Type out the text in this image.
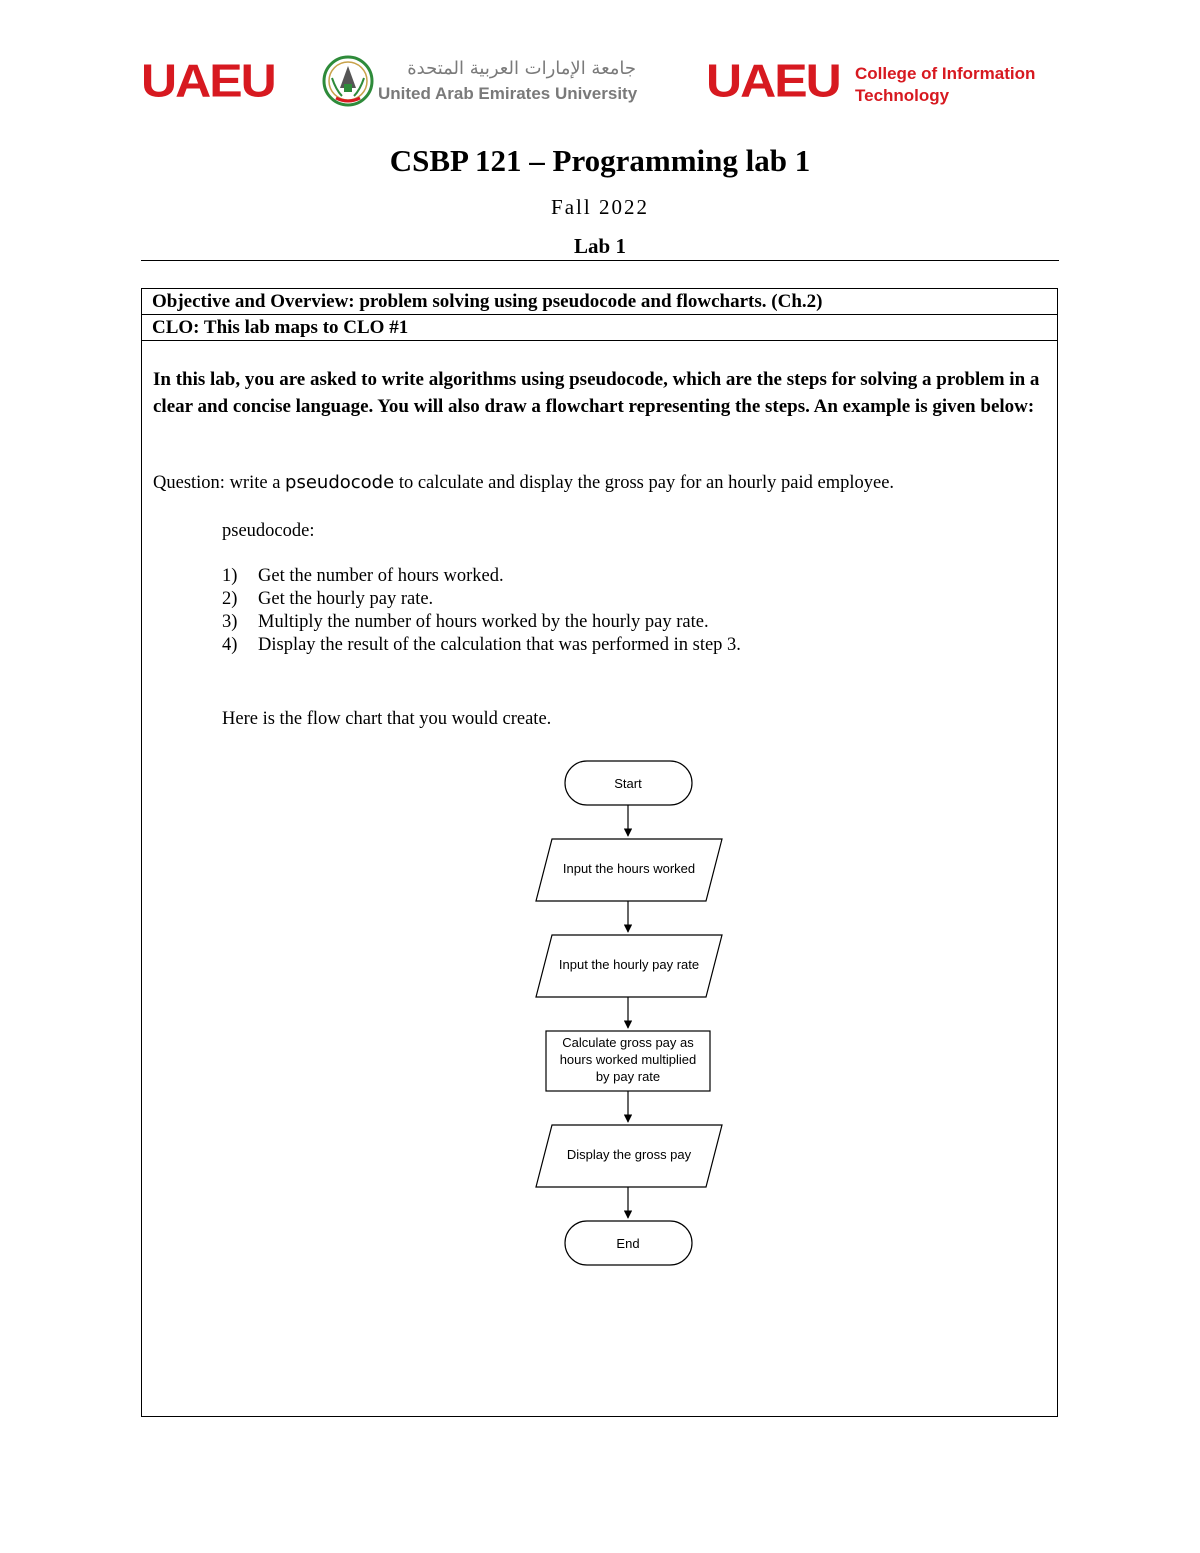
UAEU	جامعة الإمارات العربية المتحدة
United Arab Emirates University UAEU College of Information
Technology
CSBP 121 – Programming lab 1
Fall 2022
Lab 1
Objective and Overview: problem solving using pseudocode and flowcharts. (Ch.2)
CLO: This lab maps to CLO #1
In this lab, you are asked to write algorithms using pseudocode, which are the steps for solving a problem in a clear and concise language. You will also draw a flowchart representing the steps. An example is given below:
Question: write a pseudocode to calculate and display the gross pay for an hourly paid employee.
pseudocode:
1) Get the number of hours worked.
2) Get the hourly pay rate.
3) Multiply the number of hours worked by the hourly pay rate.
4) Display the result of the calculation that was performed in step 3.
Here is the flow chart that you would create.
Start
Input the hours worked
Input the hourly pay rate
Calculate gross pay as
hours worked multiplied
by pay rate
Display the gross pay
End
